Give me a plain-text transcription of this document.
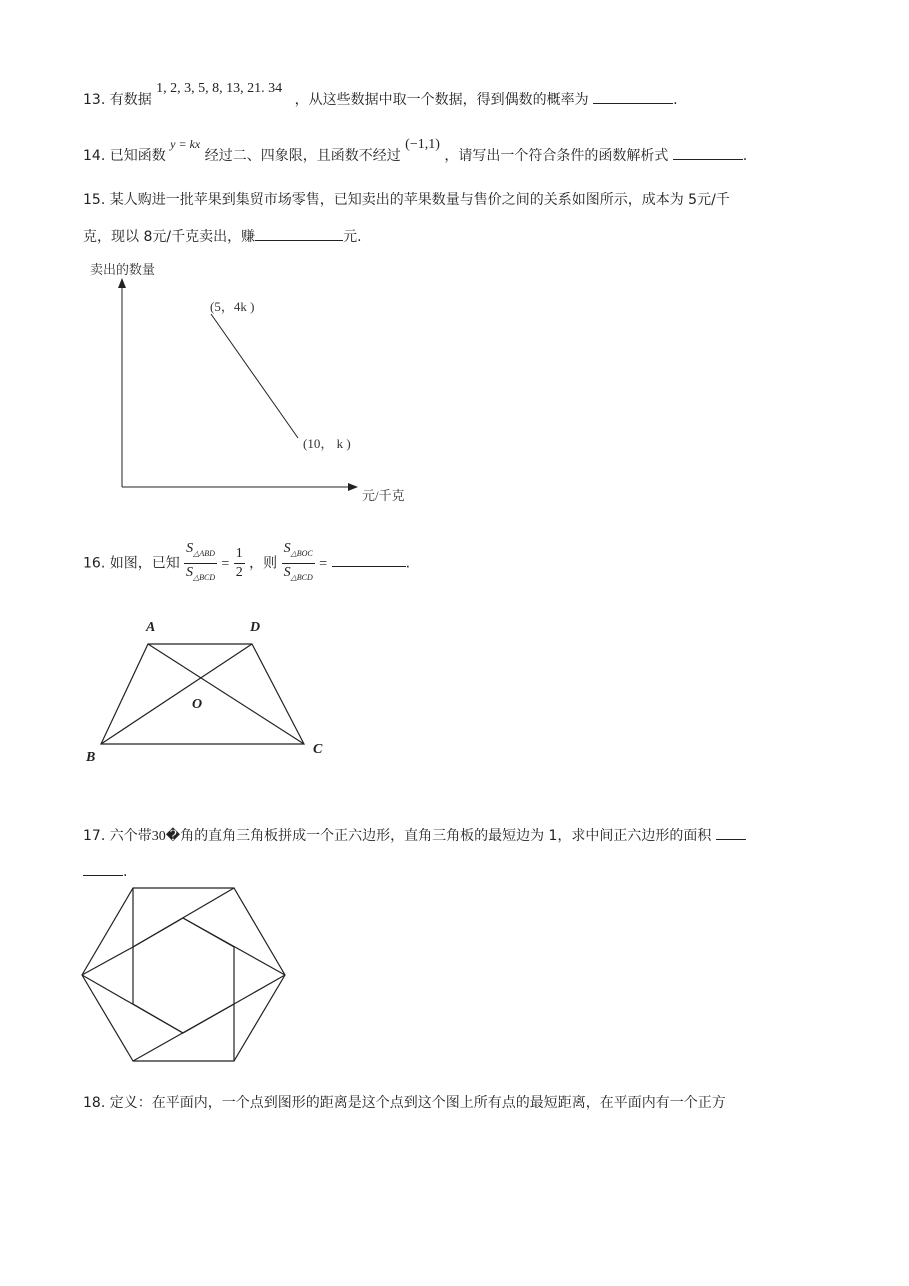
13. 有数据 1, 2, 3, 5, 8, 13, 21. 34 ，从这些数据中取一个数据，得到偶数的概率为	.
14. 已知函数 y = kx 经过二、四象限，且函数不经过 (−1,1) ，请写出一个符合条件的函数解析式	.
15. 某人购进一批苹果到集贸市场零售，已知卖出的苹果数量与售价之间的关系如图所示，成本为 5元/千
克，现以 8元/千克卖出，赚	元.
卖出的数量
元/千克
(5，4k )
(10， k )
16. 如图，已知 $\frac{S_{\triangle ABD}}{S_{\triangle BCD}} = \frac{1}{2}$ ，则 $\frac{S_{\triangle BOC}}{S_{\triangle BCD}}$ =	.
A	D
O
B
C
17. 六个带30�角的直角三角板拼成一个正六边形，直角三角板的最短边为 1，求中间正六边形的面积
.
18. 定义：在平面内，一个点到图形的距离是这个点到这个图上所有点的最短距离，在平面内有一个正方
